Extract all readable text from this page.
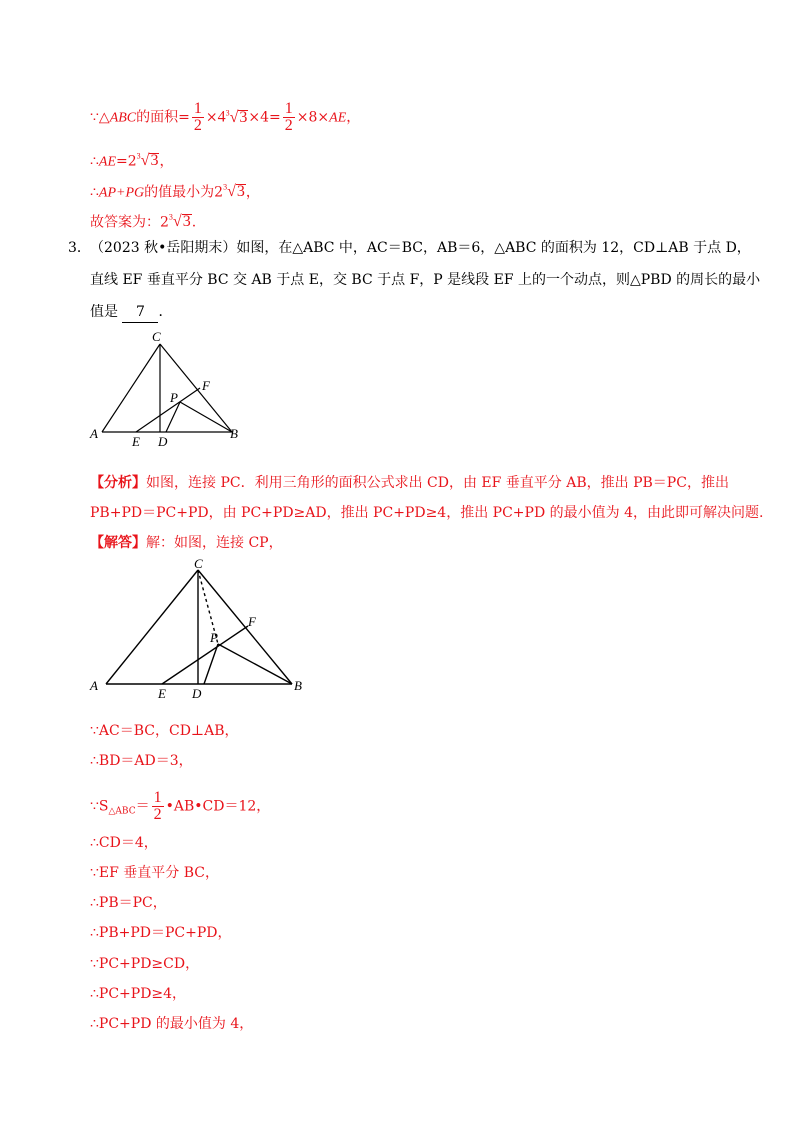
∵△ABC的面积= $\frac{1}{2} \times 4^3√3\times 4= \frac{1}{2} \times 8\times AE$，
$\therefore AE=2^3√3$，
∴AP+PG的值最小为$2^3√3$，
故答案为：$2^3√3$.
3． （2023 秋•岳阳期末）如图，在△ABC 中，AC＝BC，AB＝6，△ABC 的面积为 12，CD⊥AB 于点 D，
直线 EF 垂直平分 BC 交 AB 于点 E，交 BC 于点 F，P 是线段 EF 上的一个动点，则△PBD 的周长的最小
值是 7 ．
C
A	B
E D
F
P
【分析】如图，连接 PC．利用三角形的面积公式求出 CD，由 EF 垂直平分 AB，推出 PB＝PC，推出
PB+PD＝PC+PD，由 PC+PD≥AD，推出 PC+PD≥4，推出 PC+PD 的最小值为 4，由此即可解决问题.
【解答】解：如图，连接 CP，
C
A	B
E D
F
P
∵AC＝BC，CD⊥AB，
∴BD＝AD＝3，
$\because S_{\triangle ABC}= \frac{1}{2}$ •AB•CD＝12，
∴CD＝4，
∵EF 垂直平分 BC，
∴PB＝PC，
∴PB+PD＝PC+PD，
∵PC+PD≥CD，
∴PC+PD≥4，
∴PC+PD 的最小值为 4，
